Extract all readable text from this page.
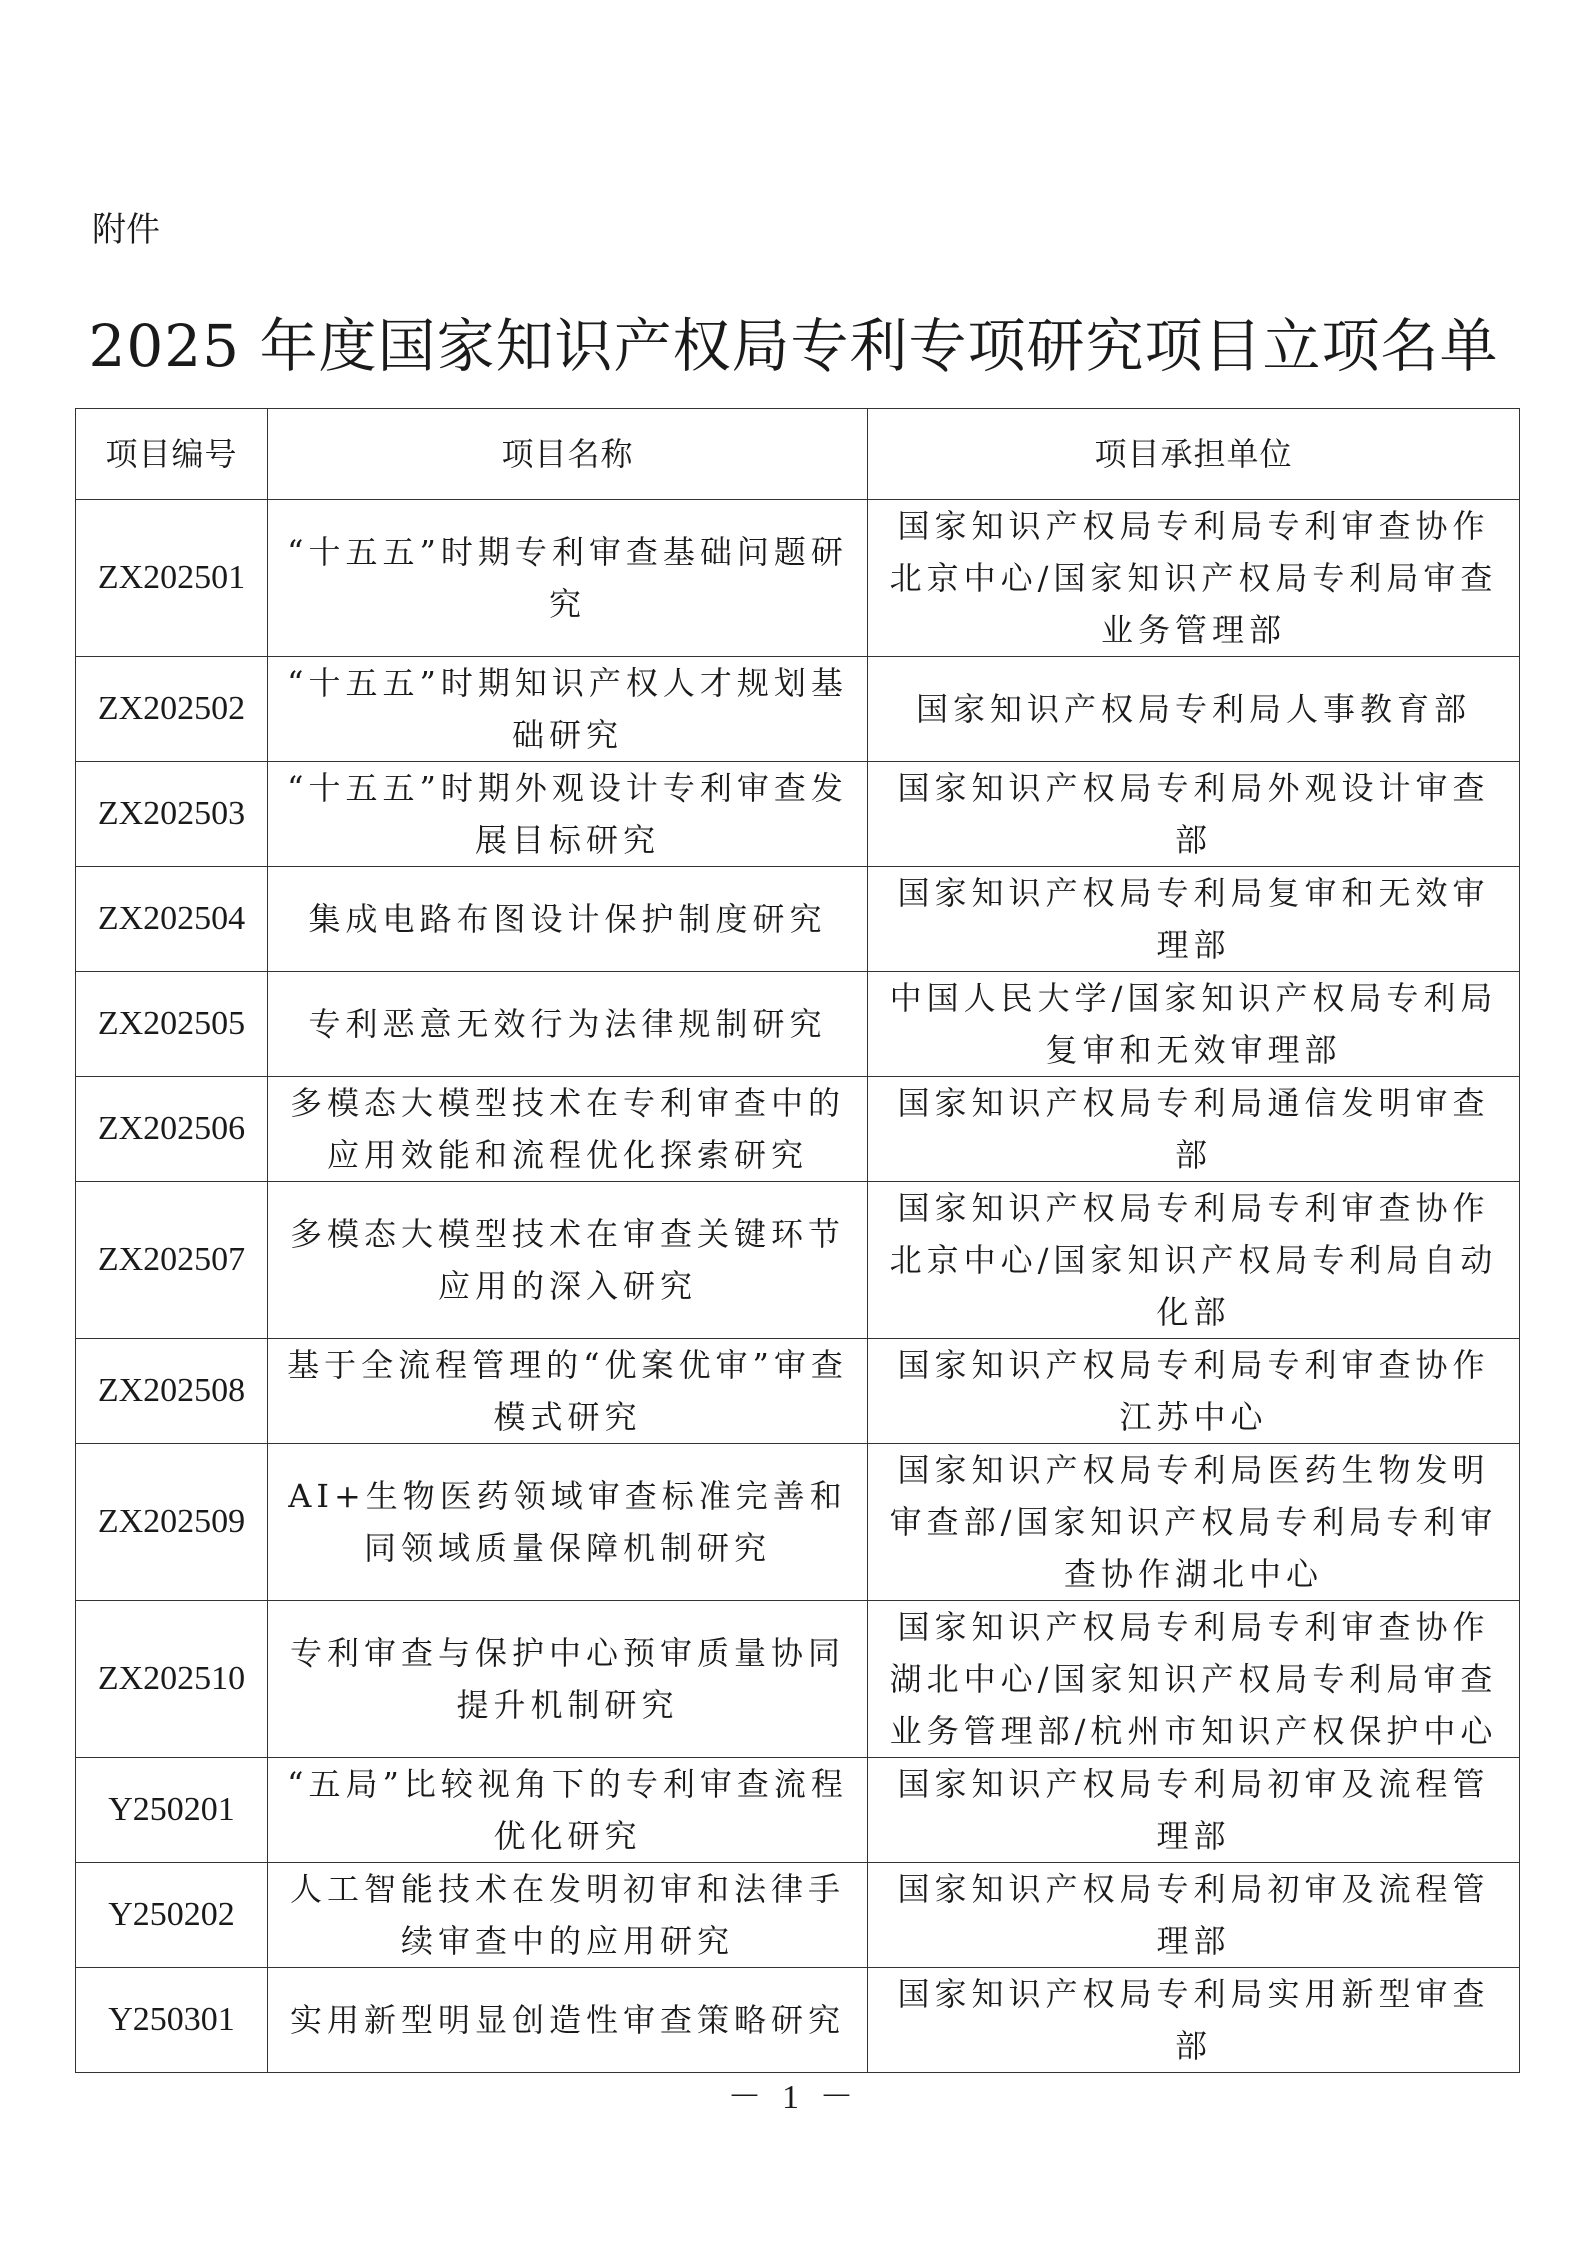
附件
2025 年度国家知识产权局专利专项研究项目立项名单
项目编号	项目名称	项目承担单位
ZX202501	“十五五”时期专利审查基础问题研究	国家知识产权局专利局专利审查协作北京中心/国家知识产权局专利局审查业务管理部
ZX202502	“十五五”时期知识产权人才规划基础研究	国家知识产权局专利局人事教育部
ZX202503	“十五五”时期外观设计专利审查发展目标研究	国家知识产权局专利局外观设计审查部
ZX202504	集成电路布图设计保护制度研究	国家知识产权局专利局复审和无效审理部
ZX202505	专利恶意无效行为法律规制研究	中国人民大学/国家知识产权局专利局复审和无效审理部
ZX202506	多模态大模型技术在专利审查中的应用效能和流程优化探索研究	国家知识产权局专利局通信发明审查部
ZX202507	多模态大模型技术在审查关键环节应用的深入研究	国家知识产权局专利局专利审查协作北京中心/国家知识产权局专利局自动化部
ZX202508	基于全流程管理的“优案优审”审查模式研究	国家知识产权局专利局专利审查协作江苏中心
ZX202509	AI+生物医药领域审查标准完善和同领域质量保障机制研究	国家知识产权局专利局医药生物发明审查部/国家知识产权局专利局专利审查协作湖北中心
ZX202510	专利审查与保护中心预审质量协同提升机制研究	国家知识产权局专利局专利审查协作湖北中心/国家知识产权局专利局审查业务管理部/杭州市知识产权保护中心
Y250201	“五局”比较视角下的专利审查流程优化研究	国家知识产权局专利局初审及流程管理部
Y250202	人工智能技术在发明初审和法律手续审查中的应用研究	国家知识产权局专利局初审及流程管理部
Y250301	实用新型明显创造性审查策略研究	国家知识产权局专利局实用新型审查部
－ 1 －
